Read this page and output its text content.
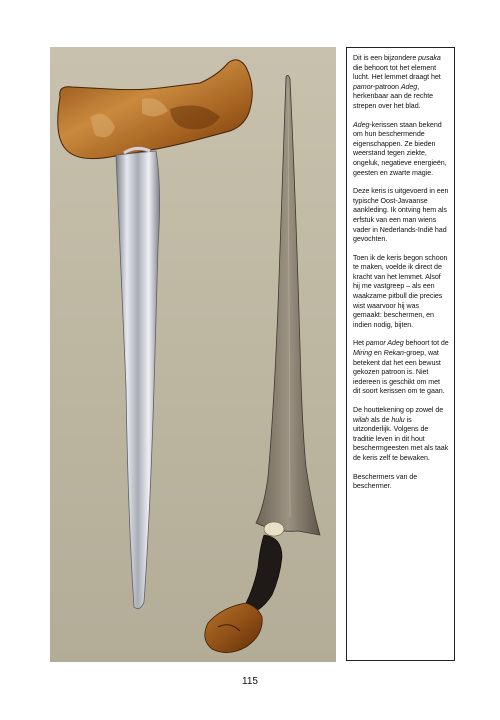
Dit is een bijzondere pusaka die behoort tot het element lucht. Het lemmet draagt het pamor-patroon Adeg, herkenbaar aan de rechte strepen over het blad.

Adeg-kerissen staan bekend om hun beschermende eigenschappen. Ze bieden weerstand tegen ziekte, ongeluk, negatieve energieën, geesten en zwarte magie.

Deze keris is uitgevoerd in een typische Oost-Javaanse aankleding. Ik ontving hem als erfstuk van een man wiens vader in Nederlands-Indië had gevochten.

Toen ik de keris begon schoon te maken, voelde ik direct de kracht van het lemmet. Alsof hij me vastgreep – als een waakzame pitbull die precies wist waarvoor hij was gemaakt: beschermen, en indien nodig, bijten.

Het pamor Adeg behoort tot de Miring en Rekan-groep, wat betekent dat het een bewust gekozen patroon is. Niet iedereen is geschikt om met dit soort kerissen om te gaan.

De houttekening op zowel de wilah als de hulu is uitzonderlijk. Volgens de traditie leven in dit hout beschermgeesten met als taak de keris zelf te bewaken.

Beschermers van de beschermer.

115
